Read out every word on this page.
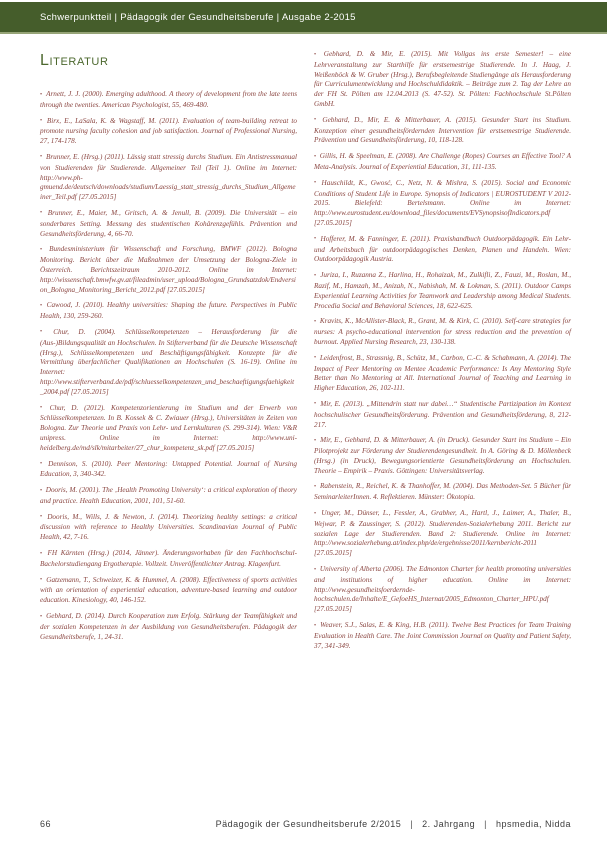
Schwerpunktteil | Pädagogik der Gesundheitsberufe | Ausgabe 2-2015
Literatur
• Arnett, J. J. (2000). Emerging adulthood. A theory of development from the late teens through the twenties. American Psychologist, 55, 469-480.
• Birx, E., LaSala, K. & Wagstaff, M. (2011). Evaluation of team-building retreat to promote nursing faculty cohesion and job satisfaction. Journal of Professional Nursing, 27, 174-178.
• Brunner, E. (Hrsg.) (2011). Lässig statt stressig durchs Studium. Ein Antistressmanual von Studierenden für Studierende. Allgemeiner Teil (Teil 1). Online im Internet: http://www.ph-gmuend.de/deutsch/downloads/studium/Laessig_statt_stressig_durchs_Studium_Allgemeiner_Teil.pdf [27.05.2015]
• Brunner, E., Maier, M., Gritsch, A. & Jenull, B. (2009). Die Universität – ein sonderbares Setting. Messung des studentischen Kohärenzgefühls. Prävention und Gesundheitsförderung, 4, 66-70.
• Bundesministerium für Wissenschaft und Forschung, BMWF (2012). Bologna Monitoring. Bericht über die Maßnahmen der Umsetzung der Bologna-Ziele in Österreich. Berichtszeitraum 2010-2012. Online im Internet: http://wissenschaft.bmwfw.gv.at/fileadmin/user_upload/Bologna_Grundsatzdok/Endversion_Bologna_Monitoring_Bericht_2012.pdf [27.05.2015]
• Cawood, J. (2010). Healthy universities: Shaping the future. Perspectives in Public Health, 130, 259-260.
• Chur, D. (2004). Schlüsselkompetenzen – Herausforderung für die (Aus-)Bildungsqualität an Hochschulen. In Stifterverband für die Deutsche Wissenschaft (Hrsg.), Schlüsselkompetenzen und Beschäftigungsfähigkeit. Konzepte für die Vermittlung überfachlicher Qualifikationen an Hochschulen (S. 16-19). Online im Internet: http://www.stifterverband.de/pdf/schluesselkompetenzen_und_beschaeftigungsfaehigkeit_2004.pdf [27.05.2015]
• Chur, D. (2012). Kompetenzorientierung im Studium und der Erwerb von Schlüsselkompetenzen. In B. Kossek & C. Zwiauer (Hrsg.), Universitäten in Zeiten von Bologna. Zur Theorie und Praxis von Lehr- und Lernkulturen (S. 299-314). Wien: V&R unipress. Online im Internet: http://www.uni-heidelberg.de/md/slk/mitarbeiter/27_chur_kompetenz_sk.pdf [27.05.2015]
• Dennison, S. (2010). Peer Mentoring: Untapped Potential. Journal of Nursing Education, 3, 340-342.
• Dooris, M. (2001). The ‚Health Promoting University‘: a critical exploration of theory and practice. Health Education, 2001, 101, 51-60.
• Dooris, M., Wills, J. & Newton, J. (2014). Theorizing healthy settings: a critical discussion with reference to Healthy Universities. Scandinavian Journal of Public Health, 42, 7-16.
• FH Kärnten (Hrsg.) (2014, Jänner). Änderungsvorhaben für den Fachhochschul-Bachelorstudiengang Ergotherapie. Vollzeit. Unveröffentlichter Antrag. Klagenfurt.
• Gatzemann, T., Schweizer, K. & Hummel, A. (2008). Effectiveness of sports activities with an orientation of experiential education, adventure-based learning and outdoor education. Kinesiology, 40, 146-152.
• Gebhard, D. (2014). Durch Kooperation zum Erfolg. Stärkung der Teamfähigkeit und der sozialen Kompetenzen in der Ausbildung von Gesundheitsberufen. Pädagogik der Gesundheitsberufe, 1, 24-31.
• Gebhard, D. & Mir, E. (2015). Mit Vollgas ins erste Semester! – eine Lehrveranstaltung zur Starthilfe für erstsemestrige Studierende. In J. Haag, J. Weißenböck & W. Gruber (Hrsg.), Berufsbegleitende Studiengänge als Herausforderung für Curriculumentwicklung und Hochschuldidaktik. – Beiträge zum 2. Tag der Lehre an der FH St. Pölten am 12.04.2013 (S. 47-52). St. Pölten: Fachhochschule St.Pölten GmbH.
• Gebhard, D., Mir, E. & Mitterbauer, A. (2015). Gesunder Start ins Studium. Konzeption einer gesundheitsfördernden Intervention für erstsemestrige Studierende. Prävention und Gesundheitsförderung, 10, 118-128.
• Gillis, H. & Speelman, E. (2008). Are Challenge (Ropes) Courses an Effective Tool? A Meta-Analysis. Journal of Experiential Education, 31, 111-135.
• Hauschildt, K., Gwosć, C., Netz, N. & Mishra, S. (2015). Social and Economic Conditions of Student Life in Europe. Synopsis of Indicators | EUROSTUDENT V 2012-2015. Bielefeld: Bertelsmann. Online im Internet: http://www.eurostudent.eu/download_files/documents/EVSynopsisofIndicators.pdf [27.05.2015]
• Hofferer, M. & Fanninger, E. (2011). Praxishandbuch Outdoorpädagogik. Ein Lehr- und Arbeitsbuch für outdoorpädagogisches Denken, Planen und Handeln. Wien: Outdoorpädagogik Austria.
• Juriza, I., Ruzanna Z., Harlina, H., Rohaizak, M., Zulkifli, Z., Fauzi, M., Roslan, M., Razif, M., Hamzah, M., Anizah, N., Nabishah, M. & Lokman, S. (2011). Outdoor Camps Experiential Learning Activities for Teamwork and Leadership among Medical Students. Procedia Social and Behavioral Sciences, 18, 622-625.
• Kravits, K., McAllister-Black, R., Grant, M. & Kirk, C. (2010). Self-care strategies for nurses: A psycho-educational intervention for stress reduction and the prevention of burnout. Applied Nursing Research, 23, 130-138.
• Leidenfrost, B., Strassnig, B., Schütz, M., Carbon, C.-C. & Schabmann, A. (2014). The Impact of Peer Mentoring on Mentee Academic Performance: Is Any Mentoring Style Better than No Mentoring at All. International Journal of Teaching and Learning in Higher Education, 26, 102-111.
• Mir, E. (2013). „Mittendrin statt nur dabei…“ Studentische Partizipation im Kontext hochschulischer Gesundheitsförderung. Prävention und Gesundheitsförderung, 8, 212-217.
• Mir, E., Gebhard, D. & Mitterbauer, A. (in Druck). Gesunder Start ins Studium – Ein Pilotprojekt zur Förderung der Studierendengesundheit. In A. Göring & D. Möllenbeck (Hrsg.) (in Druck), Bewegungsorientierte Gesundheitsförderung an Hochschulen. Theorie – Empirik – Praxis. Göttingen: Universitätsverlag.
• Rabenstein, R., Reichel, K. & Thanhoffer, M. (2004). Das Methoden-Set. 5 Bücher für SeminarleiterInnen. 4. Reflektieren. Münster: Ökotopia.
• Unger, M., Dünser, L., Fessler, A., Grabher, A., Hartl, J., Laimer, A., Thaler, B., Wejwar, P. & Zaussinger, S. (2012). Studierenden-Sozialerhebung 2011. Bericht zur sozialen Lage der Studierenden. Band 2: Studierende. Online im Internet: http://www.sozialerhebung.at/index.php/de/ergebnisse/2011/kernbericht-2011 [27.05.2015]
• University of Alberta (2006). The Edmonton Charter for health promoting universities and institutions of higher education. Online im Internet: http://www.gesundheitsfoerdernde-hochschulen.de/Inhalte/E_GefoeHS_Internat/2005_Edmonton_Charter_HPU.pdf [27.05.2015]
• Weaver, S.J., Salas, E. & King, H.B. (2011). Twelve Best Practices for Team Training Evaluation in Health Care. The Joint Commission Journal on Quality and Patient Safety, 37, 341-349.
66	Pädagogik der Gesundheitsberufe 2/2015 | 2. Jahrgang | hpsmedia, Nidda
